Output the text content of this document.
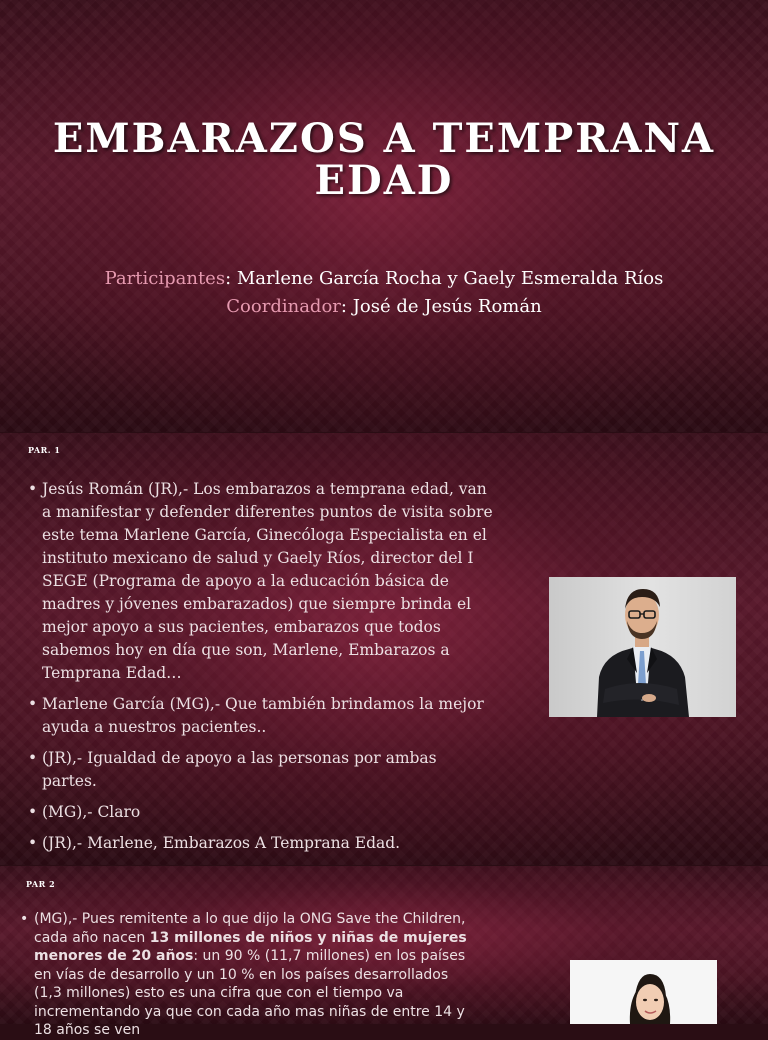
EMBARAZOS A TEMPRANA EDAD
Participantes: Marlene García Rocha y Gaely Esmeralda Ríos
Coordinador: José de Jesús Román
PAR. 1
• Jesús Román (JR),- Los embarazos a temprana edad, van a manifestar y defender diferentes puntos de visita sobre este tema Marlene García, Ginecóloga Especialista en el instituto mexicano de salud y Gaely Ríos, director del I SEGE (Programa de apoyo a la educación básica de madres y jóvenes embarazados) que siempre brinda el mejor apoyo a sus pacientes, embarazos que todos sabemos hoy en día que son, Marlene, Embarazos a Temprana Edad…
• Marlene García (MG),- Que también brindamos la mejor ayuda a nuestros pacientes..
• (JR),- Igualdad de apoyo a las personas por ambas partes.
• (MG),- Claro
• (JR),- Marlene, Embarazos A Temprana Edad.
PAR 2
• (MG),- Pues remitente a lo que dijo la ONG Save the Children, cada año nacen 13 millones de niños y niñas de mujeres menores de 20 años: un 90 % (11,7 millones) en los países en vías de desarrollo y un 10 % en los países desarrollados (1,3 millones) esto es una cifra que con el tiempo va incrementando ya que con cada año mas niñas de entre 14 y 18 años se ven
